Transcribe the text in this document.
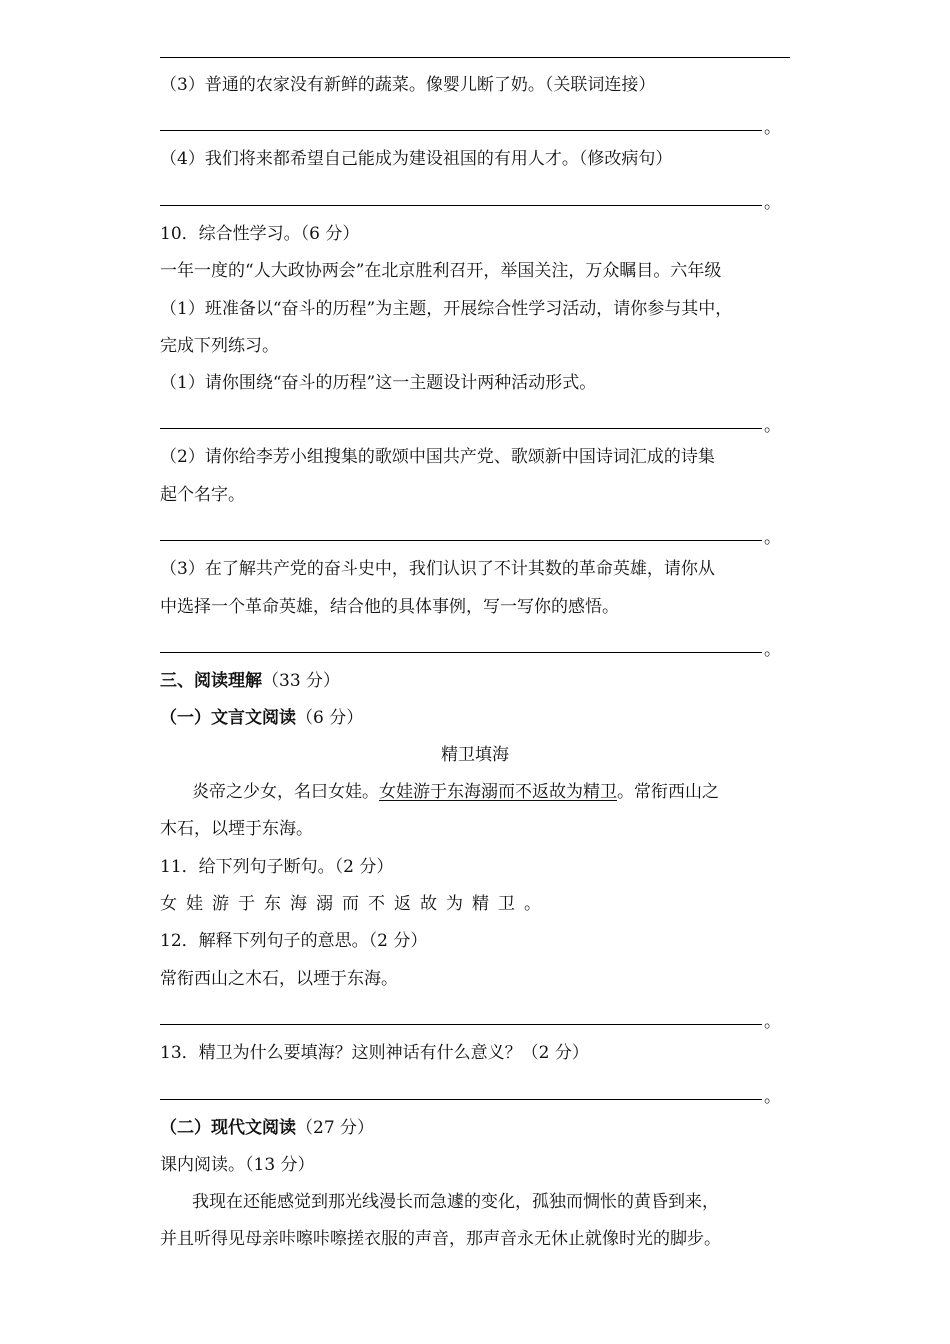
（3）普通的农家没有新鲜的蔬菜。像婴儿断了奶。（关联词连接）
。
（4）我们将来都希望自己能成为建设祖国的有用人才。（修改病句）
。
10．综合性学习。（6 分）
一年一度的“人大政协两会”在北京胜利召开，举国关注，万众瞩目。六年级
（1）班准备以“奋斗的历程”为主题，开展综合性学习活动，请你参与其中，
完成下列练习。
（1）请你围绕“奋斗的历程”这一主题设计两种活动形式。
。
（2）请你给李芳小组搜集的歌颂中国共产党、歌颂新中国诗词汇成的诗集
起个名字。
。
（3）在了解共产党的奋斗史中，我们认识了不计其数的革命英雄，请你从
中选择一个革命英雄，结合他的具体事例，写一写你的感悟。
。
三、阅读理解（33 分）
（一）文言文阅读（6 分）
精卫填海
炎帝之少女，名曰女娃。女娃游于东海溺而不返故为精卫。常衔西山之
木石，以堙于东海。
11．给下列句子断句。（2 分）
女娃游于东海溺而不返故为精卫。
12．解释下列句子的意思。（2 分）
常衔西山之木石，以堙于东海。
。
13．精卫为什么要填海？这则神话有什么意义？（2 分）
。
（二）现代文阅读（27 分）
课内阅读。（13 分）
我现在还能感觉到那光线漫长而急遽的变化，孤独而惆怅的黄昏到来，
并且听得见母亲咔嚓咔嚓搓衣服的声音，那声音永无休止就像时光的脚步。
